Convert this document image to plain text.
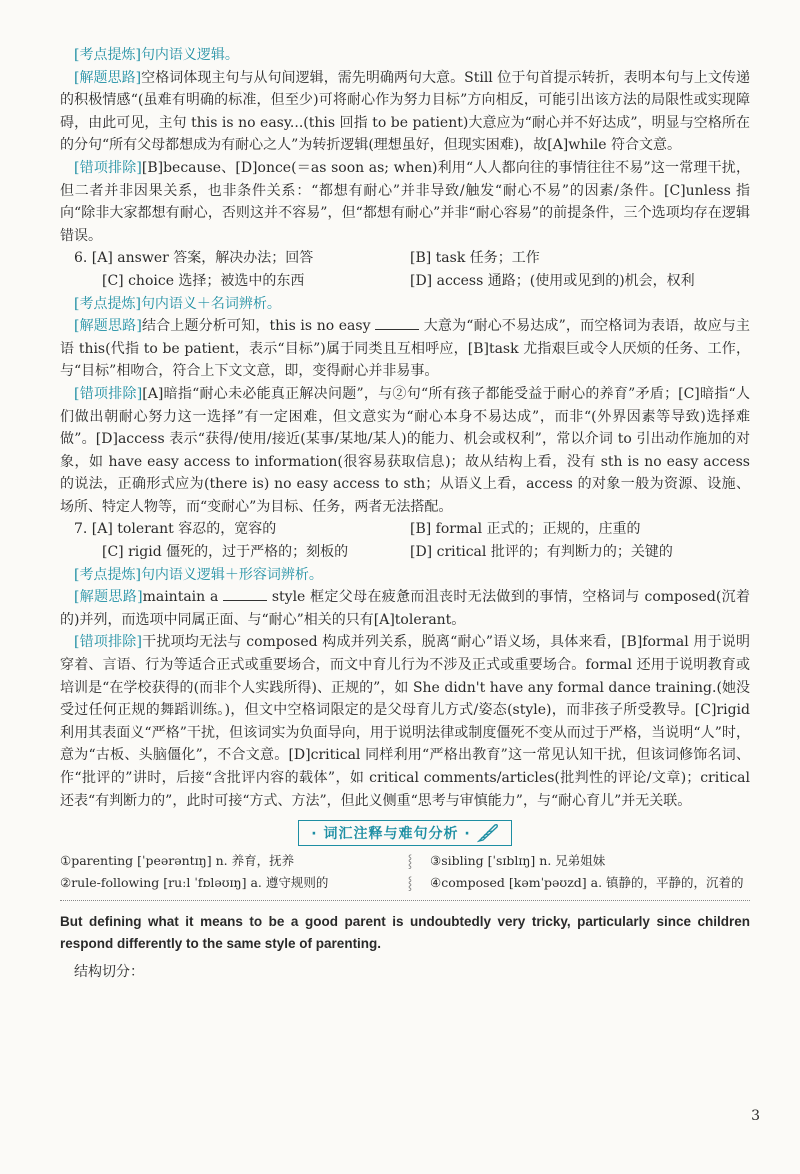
[考点提炼]句内语义逻辑。

[解题思路]空格词体现主句与从句间逻辑，需先明确两句大意。Still 位于句首提示转折，表明本句与上文传递的积极情感“(虽难有明确的标准，但至少)可将耐心作为努力目标”方向相反，可能引出该方法的局限性或实现障碍，由此可见，主句 this is no easy...(this 回指 to be patient)大意应为“耐心并不好达成”，明显与空格所在的分句“所有父母都想成为有耐心之人”为转折逻辑(理想虽好，但现实困难)，故[A]while 符合文意。

[错项排除][B]because、[D]once(＝as soon as; when)利用“人人都向往的事情往往不易”这一常理干扰，但二者并非因果关系，也非条件关系：“都想有耐心”并非导致/触发“耐心不易”的因素/条件。[C]unless 指向“除非大家都想有耐心，否则这并不容易”，但“都想有耐心”并非“耐心容易”的前提条件，三个选项均存在逻辑错误。

6. [A] answer 答案，解决办法；回答	[B] task 任务；工作
[C] choice 选择；被选中的东西	[D] access 通路；(使用或见到的)机会，权利

[考点提炼]句内语义＋名词辨析。

[解题思路]结合上题分析可知，this is no easy	大意为“耐心不易达成”，而空格词为表语，故应与主语 this(代指 to be patient，表示“目标”)属于同类且互相呼应，[B]task 尤指艰巨或令人厌烦的任务、工作，与“目标”相吻合，符合上下文文意，即，变得耐心并非易事。

[错项排除][A]暗指“耐心未必能真正解决问题”，与②句“所有孩子都能受益于耐心的养育”矛盾；[C]暗指“人们做出朝耐心努力这一选择”有一定困难，但文意实为“耐心本身不易达成”，而非“(外界因素等导致)选择难做”。[D]access 表示“获得/使用/接近(某事/某地/某人)的能力、机会或权利”，常以介词 to 引出动作施加的对象，如 have easy access to information(很容易获取信息)；故从结构上看，没有 sth is no easy access 的说法，正确形式应为(there is) no easy access to sth；从语义上看，access 的对象一般为资源、设施、场所、特定人物等，而“变耐心”为目标、任务，两者无法搭配。

7. [A] tolerant 容忍的，宽容的	[B] formal 正式的；正规的，庄重的
[C] rigid 僵死的，过于严格的；刻板的	[D] critical 批评的；有判断力的；关键的

[考点提炼]句内语义逻辑＋形容词辨析。

[解题思路]maintain a	style 框定父母在疲惫而沮丧时无法做到的事情，空格词与 composed(沉着的)并列，而选项中同属正面、与“耐心”相关的只有[A]tolerant。

[错项排除]干扰项均无法与 composed 构成并列关系，脱离“耐心”语义场，具体来看，[B]formal 用于说明穿着、言语、行为等适合正式或重要场合，而文中育儿行为不涉及正式或重要场合。formal 还用于说明教育或培训是“在学校获得的(而非个人实践所得)、正规的”，如 She didn't have any formal dance training.(她没受过任何正规的舞蹈训练。)，但文中空格词限定的是父母育儿方式/姿态(style)，而非孩子所受教导。[C]rigid 利用其表面义“严格”干扰，但该词实为负面导向，用于说明法律或制度僵死不变从而过于严格，当说明“人”时，意为“古板、头脑僵化”，不合文意。[D]critical 同样利用“严格出教育”这一常见认知干扰，但该词修饰名词、作“批评的”讲时，后接“含批评内容的载体”，如 critical comments/articles(批判性的评论/文章)；critical 还表“有判断力的”，此时可接“方式、方法”，但此义侧重“思考与审慎能力”，与“耐心育儿”并无关联。

· 词汇注释与难句分析 ·
①parenting [ˈpeərəntɪŋ] n. 养育，抚养	⸾	③sibling [ˈsɪblɪŋ] n. 兄弟姐妹
②rule-following [ruːl ˈfɒləʊɪŋ] a. 遵守规则的	⸾	④composed [kəmˈpəʊzd] a. 镇静的，平静的，沉着的

But defining what it means to be a good parent is undoubtedly very tricky, particularly since children respond differently to the same style of parenting.

结构切分：

3
